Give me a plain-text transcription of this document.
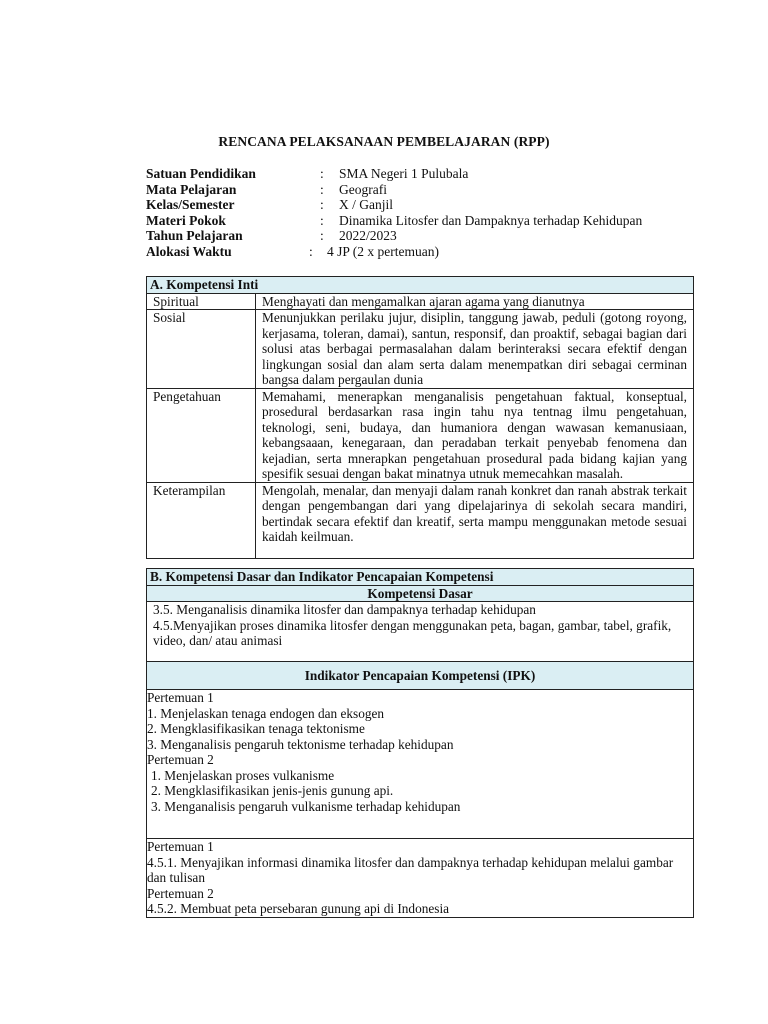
RENCANA PELAKSANAAN PEMBELAJARAN (RPP)
Satuan Pendidikan	: SMA Negeri 1 Pulubala
Mata Pelajaran	: Geografi
Kelas/Semester	: X / Ganjil
Materi Pokok	: Dinamika Litosfer dan Dampaknya terhadap Kehidupan
Tahun Pelajaran	: 2022/2023
Alokasi Waktu	: 4 JP (2 x pertemuan)
A. Kompetensi Inti	
Spiritual	Menghayati dan mengamalkan ajaran agama yang dianutnya
Sosial	Menunjukkan perilaku jujur, disiplin, tanggung jawab, peduli (gotong royong, kerjasama, toleran, damai), santun, responsif, dan proaktif, sebagai bagian dari solusi atas berbagai permasalahan dalam berinteraksi secara efektif dengan lingkungan sosial dan alam serta dalam menempatkan diri sebagai cerminan bangsa dalam pergaulan dunia
Pengetahuan	Memahami, menerapkan menganalisis pengetahuan faktual, konseptual, prosedural berdasarkan rasa ingin tahu nya tentnag ilmu pengetahuan, teknologi, seni, budaya, dan humaniora dengan wawasan kemanusiaan, kebangsaaan, kenegaraan, dan peradaban terkait penyebab fenomena dan kejadian, serta mnerapkan pengetahuan prosedural pada bidang kajian yang spesifik sesuai dengan bakat minatnya utnuk memecahkan masalah.
Keterampilan	Mengolah, menalar, dan menyaji dalam ranah konkret dan ranah abstrak terkait dengan pengembangan dari yang dipelajarinya di sekolah secara mandiri, bertindak secara efektif dan kreatif, serta mampu menggunakan metode sesuai kaidah keilmuan.
B. Kompetensi Dasar dan Indikator Pencapaian Kompetensi
Kompetensi Dasar

3.5. Menganalisis dinamika litosfer dan dampaknya terhadap kehidupan
4.5.Menyajikan proses dinamika litosfer dengan menggunakan peta, bagan, gambar, tabel, grafik, video, dan/ atau animasi

Indikator Pencapaian Kompetensi (IPK)

Pertemuan 1
1. Menjelaskan tenaga endogen dan eksogen
2. Mengklasifikasikan tenaga tektonisme
3. Menganalisis pengaruh tektonisme terhadap kehidupan
Pertemuan 2
1. Menjelaskan proses vulkanisme
2. Mengklasifikasikan jenis-jenis gunung api.
3. Menganalisis pengaruh vulkanisme terhadap kehidupan

Pertemuan 1
4.5.1. Menyajikan informasi dinamika litosfer dan dampaknya terhadap kehidupan melalui gambar dan tulisan
Pertemuan 2
4.5.2. Membuat peta persebaran gunung api di Indonesia
